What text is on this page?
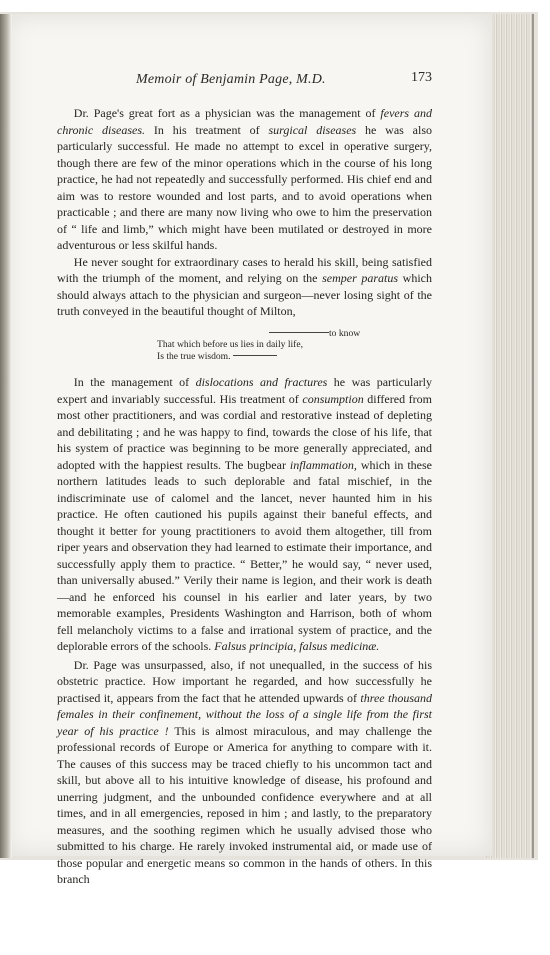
Memoir of Benjamin Page, M.D.	173

Dr. Page's great fort as a physician was the management of fevers and chronic diseases. In his treatment of surgical diseases he was also particularly successful. He made no attempt to excel in operative surgery, though there are few of the minor operations which in the course of his long practice, he had not repeatedly and successfully performed. His chief end and aim was to restore wounded and lost parts, and to avoid operations when practicable ; and there are many now living who owe to him the preservation of “ life and limb,” which might have been mutilated or destroyed in more adventurous or less skilful hands.

He never sought for extraordinary cases to herald his skill, being satisfied with the triumph of the moment, and relying on the semper paratus which should always attach to the physician and surgeon—never losing sight of the truth conveyed in the beautiful thought of Milton,

to know
That which before us lies in daily life,
Is the true wisdom.

In the management of dislocations and fractures he was particularly expert and invariably successful. His treatment of consumption differed from most other practitioners, and was cordial and restorative instead of depleting and debilitating ; and he was happy to find, towards the close of his life, that his system of practice was beginning to be more generally appreciated, and adopted with the happiest results. The bugbear inflammation, which in these northern latitudes leads to such deplorable and fatal mischief, in the indiscriminate use of calomel and the lancet, never haunted him in his practice. He often cautioned his pupils against their baneful effects, and thought it better for young practitioners to avoid them altogether, till from riper years and observation they had learned to estimate their importance, and successfully apply them to practice. “ Better,” he would say, “ never used, than universally abused.” Verily their name is legion, and their work is death—and he enforced his counsel in his earlier and later years, by two memorable examples, Presidents Washington and Harrison, both of whom fell melancholy victims to a false and irrational system of practice, and the deplorable errors of the schools. Falsus principia, falsus medicinæ.

Dr. Page was unsurpassed, also, if not unequalled, in the success of his obstetric practice. How important he regarded, and how successfully he practised it, appears from the fact that he attended upwards of three thousand females in their confinement, without the loss of a single life from the first year of his practice ! This is almost miraculous, and may challenge the professional records of Europe or America for anything to compare with it. The causes of this success may be traced chiefly to his uncommon tact and skill, but above all to his intuitive knowledge of disease, his profound and unerring judgment, and the unbounded confidence everywhere and at all times, and in all emergencies, reposed in him ; and lastly, to the preparatory measures, and the soothing regimen which he usually advised those who submitted to his charge. He rarely invoked instrumental aid, or made use of those popular and energetic means so common in the hands of others. In this branch
